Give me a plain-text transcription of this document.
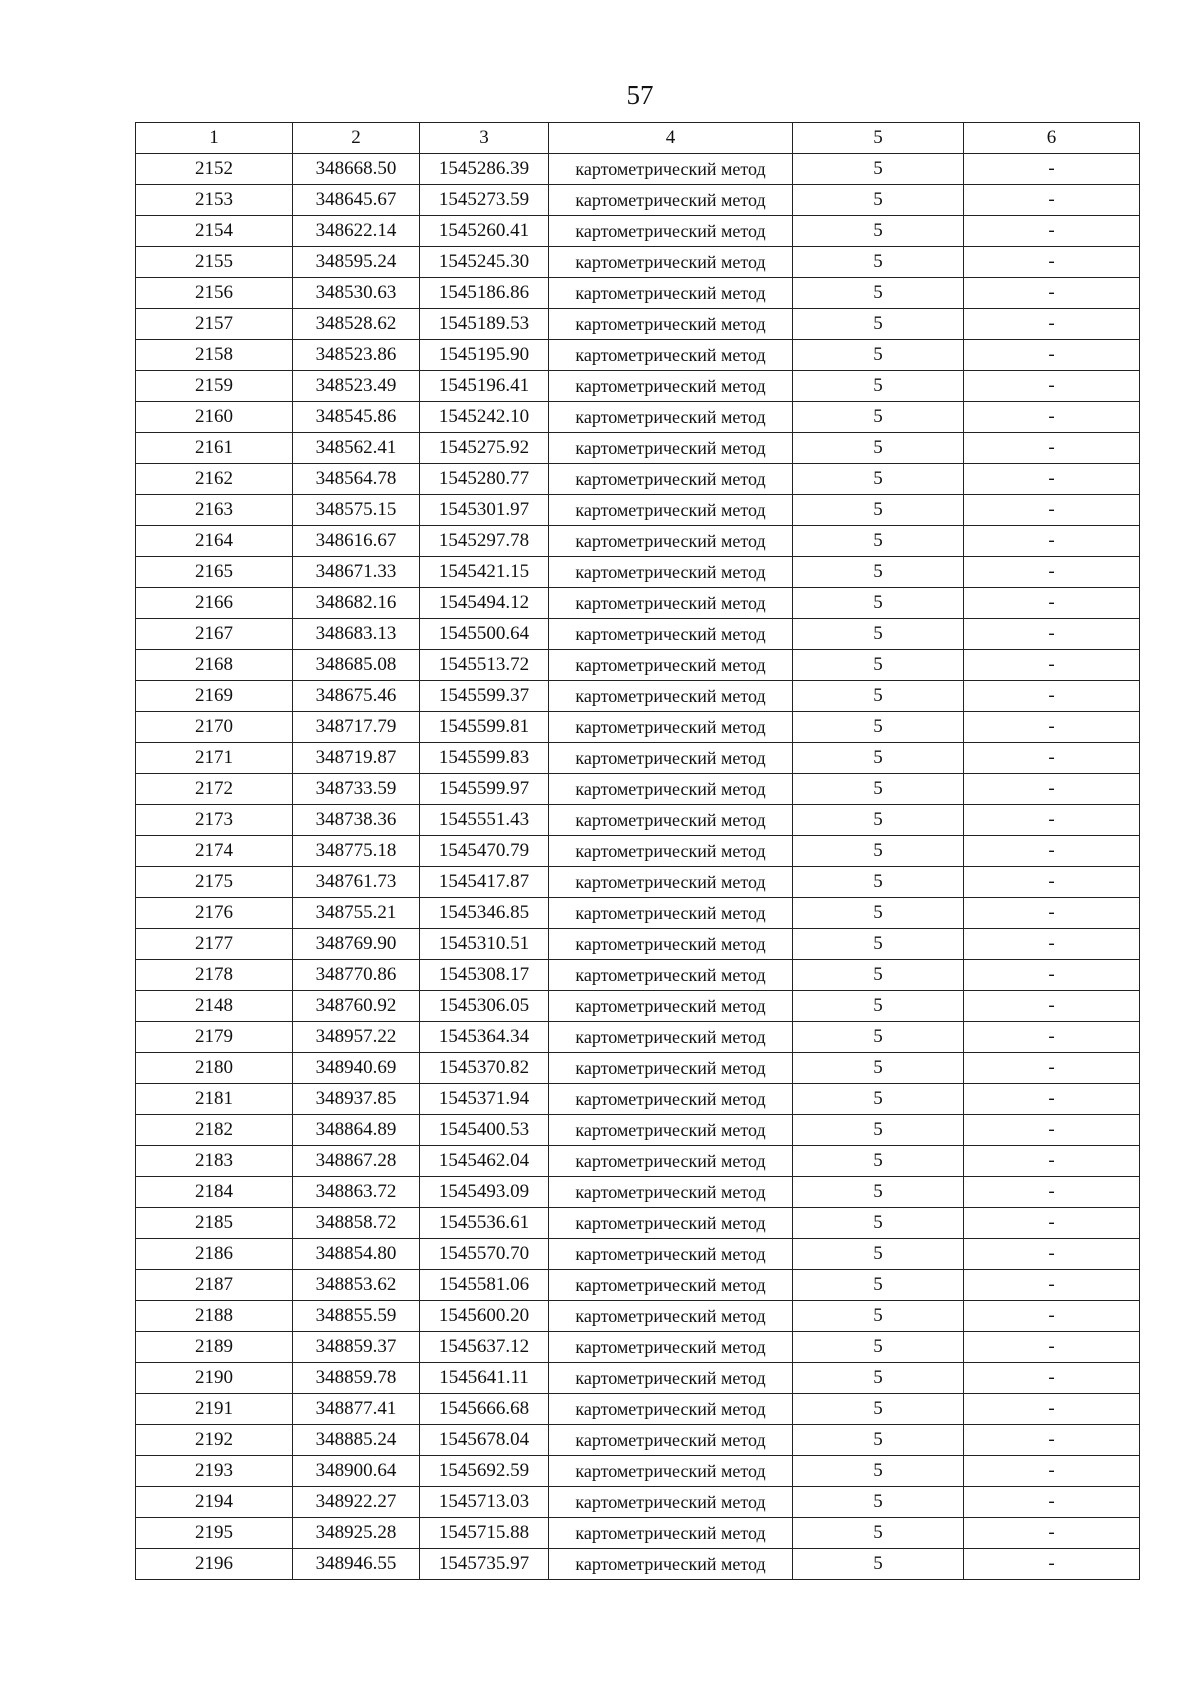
57
1	2	3	4	5	6
2152	348668.50	1545286.39	картометрический метод	5	-
2153	348645.67	1545273.59	картометрический метод	5	-
2154	348622.14	1545260.41	картометрический метод	5	-
2155	348595.24	1545245.30	картометрический метод	5	-
2156	348530.63	1545186.86	картометрический метод	5	-
2157	348528.62	1545189.53	картометрический метод	5	-
2158	348523.86	1545195.90	картометрический метод	5	-
2159	348523.49	1545196.41	картометрический метод	5	-
2160	348545.86	1545242.10	картометрический метод	5	-
2161	348562.41	1545275.92	картометрический метод	5	-
2162	348564.78	1545280.77	картометрический метод	5	-
2163	348575.15	1545301.97	картометрический метод	5	-
2164	348616.67	1545297.78	картометрический метод	5	-
2165	348671.33	1545421.15	картометрический метод	5	-
2166	348682.16	1545494.12	картометрический метод	5	-
2167	348683.13	1545500.64	картометрический метод	5	-
2168	348685.08	1545513.72	картометрический метод	5	-
2169	348675.46	1545599.37	картометрический метод	5	-
2170	348717.79	1545599.81	картометрический метод	5	-
2171	348719.87	1545599.83	картометрический метод	5	-
2172	348733.59	1545599.97	картометрический метод	5	-
2173	348738.36	1545551.43	картометрический метод	5	-
2174	348775.18	1545470.79	картометрический метод	5	-
2175	348761.73	1545417.87	картометрический метод	5	-
2176	348755.21	1545346.85	картометрический метод	5	-
2177	348769.90	1545310.51	картометрический метод	5	-
2178	348770.86	1545308.17	картометрический метод	5	-
2148	348760.92	1545306.05	картометрический метод	5	-
2179	348957.22	1545364.34	картометрический метод	5	-
2180	348940.69	1545370.82	картометрический метод	5	-
2181	348937.85	1545371.94	картометрический метод	5	-
2182	348864.89	1545400.53	картометрический метод	5	-
2183	348867.28	1545462.04	картометрический метод	5	-
2184	348863.72	1545493.09	картометрический метод	5	-
2185	348858.72	1545536.61	картометрический метод	5	-
2186	348854.80	1545570.70	картометрический метод	5	-
2187	348853.62	1545581.06	картометрический метод	5	-
2188	348855.59	1545600.20	картометрический метод	5	-
2189	348859.37	1545637.12	картометрический метод	5	-
2190	348859.78	1545641.11	картометрический метод	5	-
2191	348877.41	1545666.68	картометрический метод	5	-
2192	348885.24	1545678.04	картометрический метод	5	-
2193	348900.64	1545692.59	картометрический метод	5	-
2194	348922.27	1545713.03	картометрический метод	5	-
2195	348925.28	1545715.88	картометрический метод	5	-
2196	348946.55	1545735.97	картометрический метод	5	-
